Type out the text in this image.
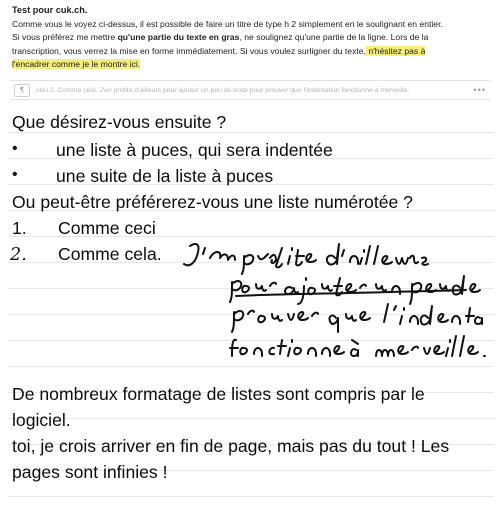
Test pour cuk.ch.

Comme vous le voyez ci-dessus, il est possible de faire un titre de type h 2 simplement en le soulignant en entier.

Si vous préférez me mettre qu'une partie du texte en gras, ne soulignez qu'une partie de la ligne. Lors de la

transcription, vous verrez la mise en forme immédiatement. Si vous voulez surligner du texte, n'hésitez pas à

l'encadrer comme je le montre ici.

¶	ceci 2. Comme cela. J'en profite d'ailleurs pour ajouter un peu de texte pour prouver que l'indentation fonctionne à merveille.	•••
Que désirez-vous ensuite ?
• une liste à puces, qui sera indentée
• une suite de la liste à puces
Ou peut-être préférerez-vous une liste numérotée ?
1. Comme ceci
2. Comme cela.
De nombreux formatage de listes sont compris par le
logiciel.
toi, je crois arriver en fin de page, mais pas du tout ! Les
pages sont infinies !
